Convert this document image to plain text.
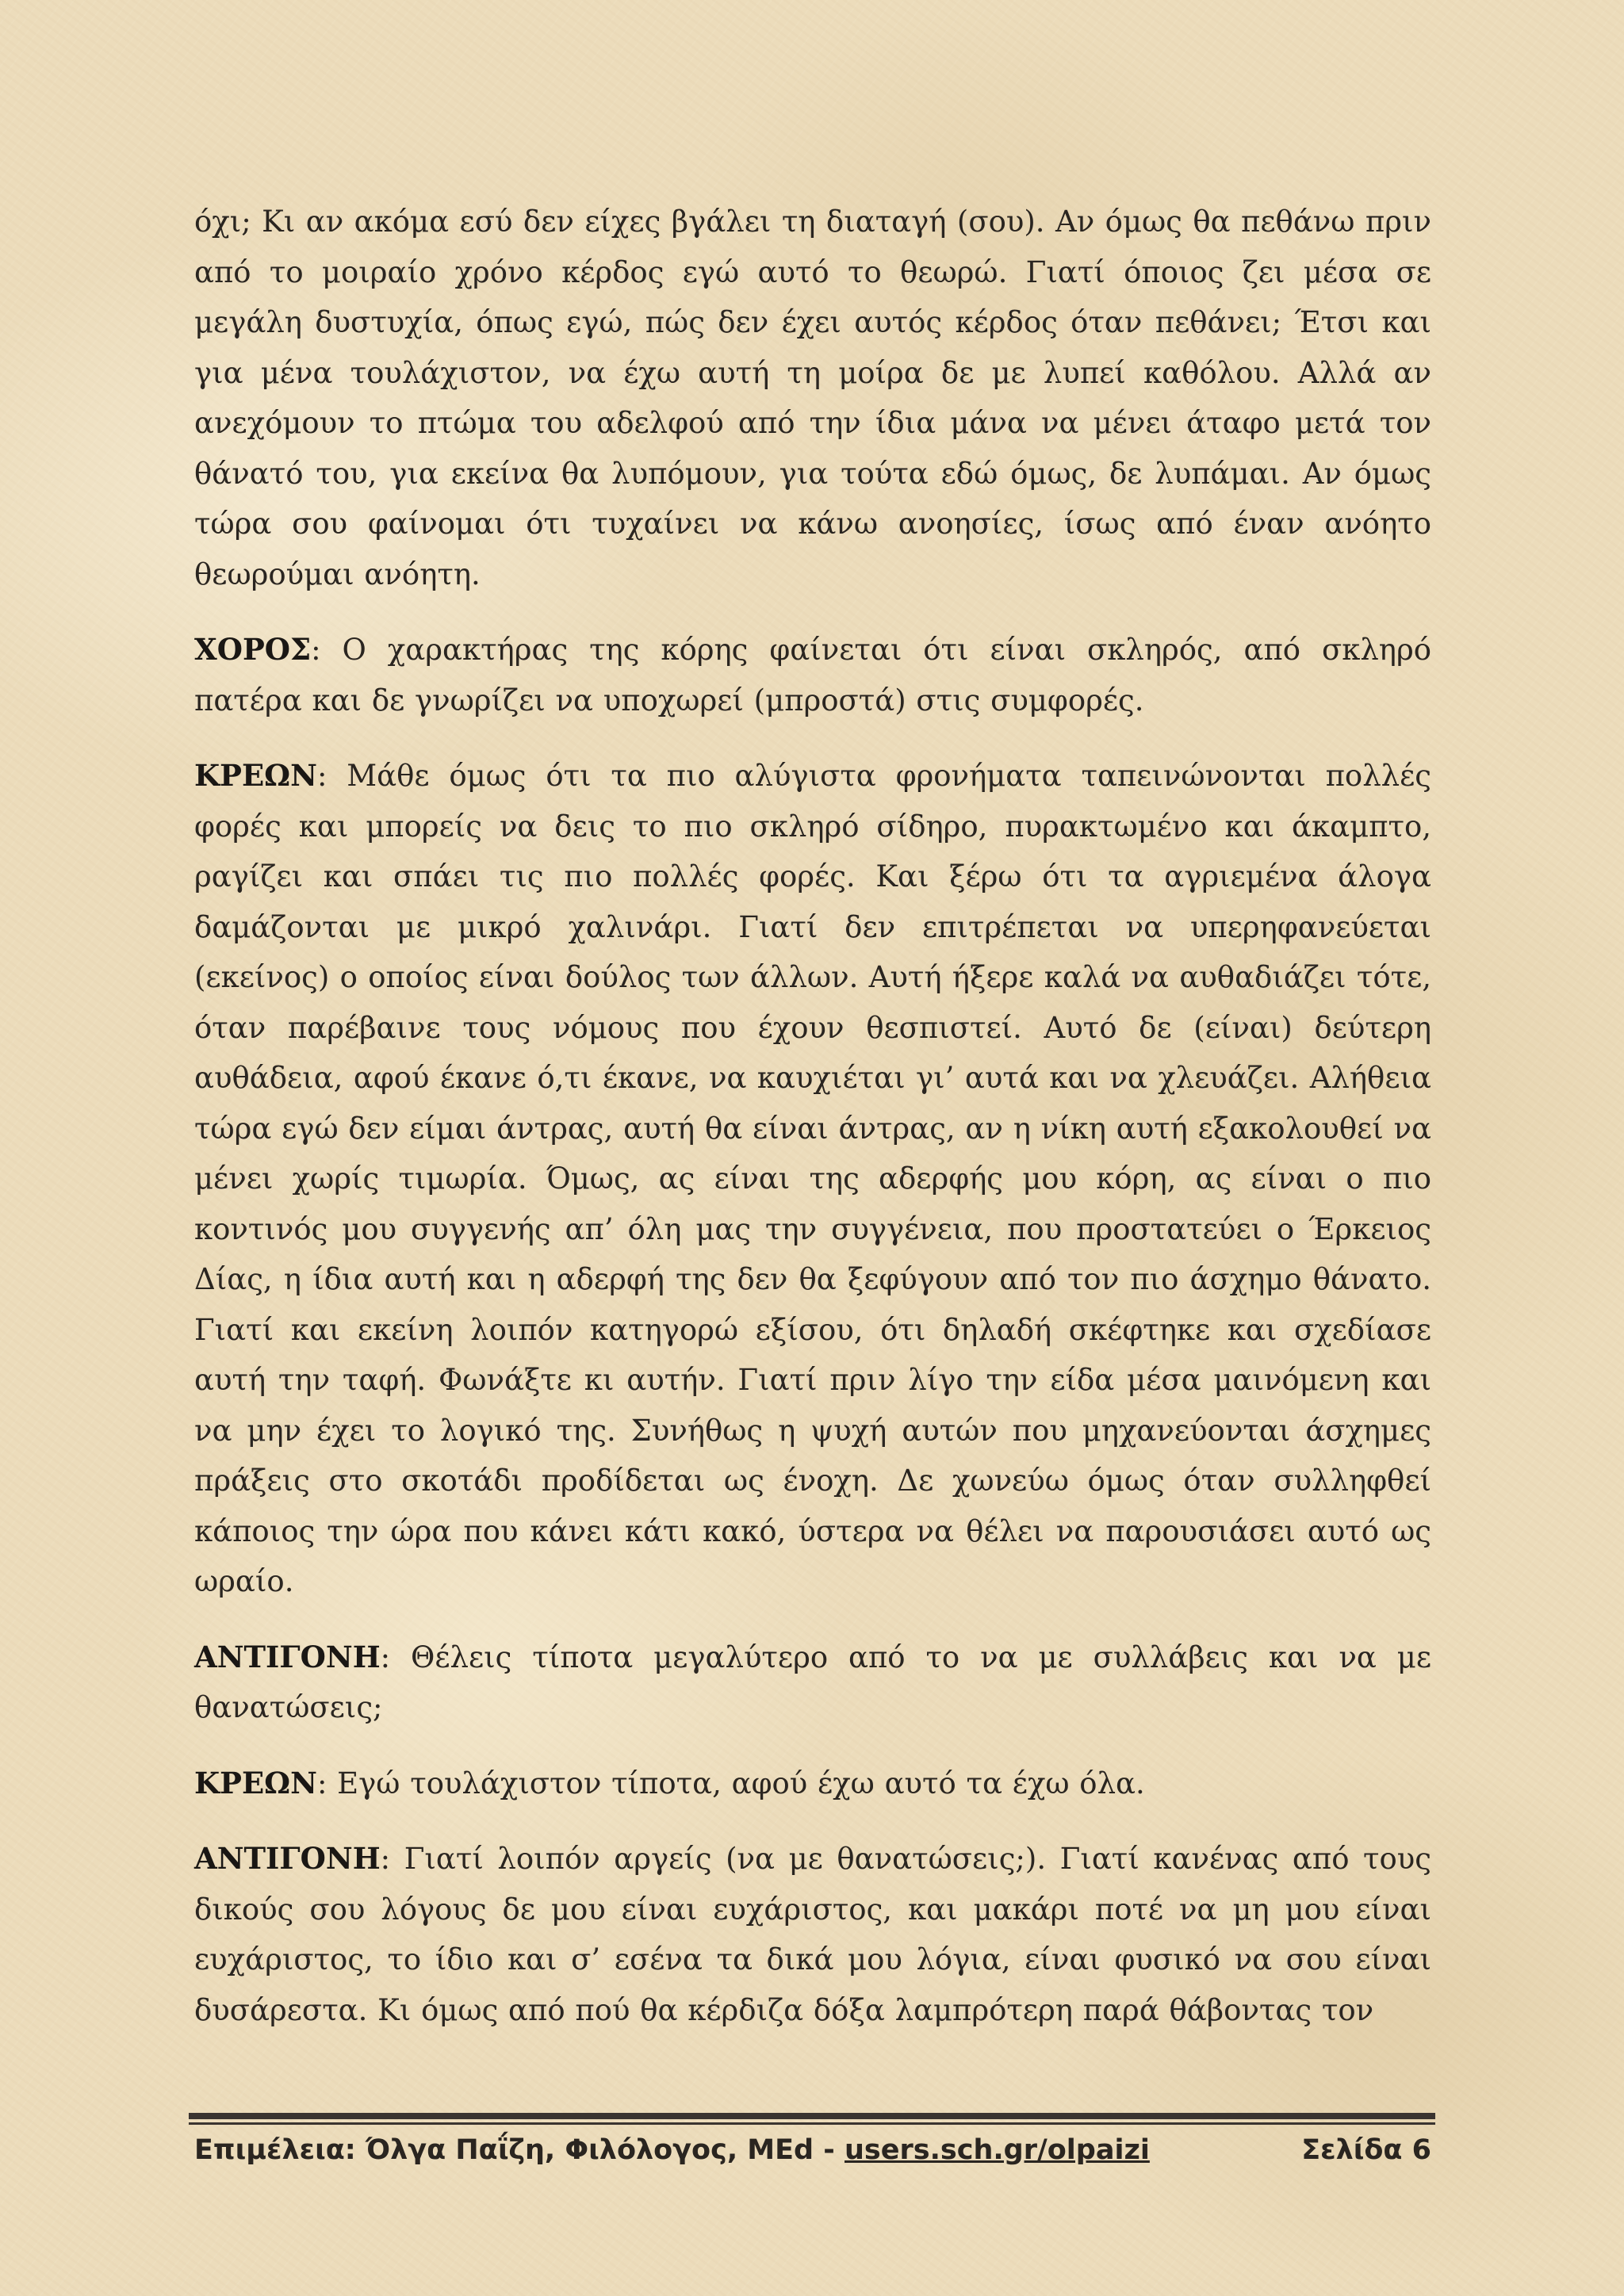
όχι; Κι αν ακόμα εσύ δεν είχες βγάλει τη διαταγή (σου). Αν όμως θα πεθάνω πριν από το μοιραίο χρόνο κέρδος εγώ αυτό το θεωρώ. Γιατί όποιος ζει μέσα σε μεγάλη δυστυχία, όπως εγώ, πώς δεν έχει αυτός κέρδος όταν πεθάνει; Έτσι και για μένα τουλάχιστον, να έχω αυτή τη μοίρα δε με λυπεί καθόλου. Αλλά αν ανεχόμουν το πτώμα του αδελφού από την ίδια μάνα να μένει άταφο μετά τον θάνατό του, για εκείνα θα λυπόμουν, για τούτα εδώ όμως, δε λυπάμαι. Αν όμως τώρα σου φαίνομαι ότι τυχαίνει να κάνω ανοησίες, ίσως από έναν ανόητο θεωρούμαι ανόητη.

ΧΟΡΟΣ: Ο χαρακτήρας της κόρης φαίνεται ότι είναι σκληρός, από σκληρό πατέρα και δε γνωρίζει να υποχωρεί (μπροστά) στις συμφορές.

ΚΡΕΩΝ: Μάθε όμως ότι τα πιο αλύγιστα φρονήματα ταπεινώνονται πολλές φορές και μπορείς να δεις το πιο σκληρό σίδηρο, πυρακτωμένο και άκαμπτο, ραγίζει και σπάει τις πιο πολλές φορές. Και ξέρω ότι τα αγριεμένα άλογα δαμάζονται με μικρό χαλινάρι. Γιατί δεν επιτρέπεται να υπερηφανεύεται (εκείνος) ο οποίος είναι δούλος των άλλων. Αυτή ήξερε καλά να αυθαδιάζει τότε, όταν παρέβαινε τους νόμους που έχουν θεσπιστεί. Αυτό δε (είναι) δεύτερη αυθάδεια, αφού έκανε ό,τι έκανε, να καυχιέται γι’ αυτά και να χλευάζει. Αλήθεια τώρα εγώ δεν είμαι άντρας, αυτή θα είναι άντρας, αν η νίκη αυτή εξακολουθεί να μένει χωρίς τιμωρία. Όμως, ας είναι της αδερφής μου κόρη, ας είναι ο πιο κοντινός μου συγγενής απ’ όλη μας την συγγένεια, που προστατεύει ο Έρκειος Δίας, η ίδια αυτή και η αδερφή της δεν θα ξεφύγουν από τον πιο άσχημο θάνατο. Γιατί και εκείνη λοιπόν κατηγορώ εξίσου, ότι δηλαδή σκέφτηκε και σχεδίασε αυτή την ταφή. Φωνάξτε κι αυτήν. Γιατί πριν λίγο την είδα μέσα μαινόμενη και να μην έχει το λογικό της. Συνήθως η ψυχή αυτών που μηχανεύονται άσχημες πράξεις στο σκοτάδι προδίδεται ως ένοχη. Δε χωνεύω όμως όταν συλληφθεί κάποιος την ώρα που κάνει κάτι κακό, ύστερα να θέλει να παρουσιάσει αυτό ως ωραίο.

ΑΝΤΙΓΟΝΗ: Θέλεις τίποτα μεγαλύτερο από το να με συλλάβεις και να με θανατώσεις;

ΚΡΕΩΝ: Εγώ τουλάχιστον τίποτα, αφού έχω αυτό τα έχω όλα.

ΑΝΤΙΓΟΝΗ: Γιατί λοιπόν αργείς (να με θανατώσεις;). Γιατί κανένας από τους δικούς σου λόγους δε μου είναι ευχάριστος, και μακάρι ποτέ να μη μου είναι ευχάριστος, το ίδιο και σ’ εσένα τα δικά μου λόγια, είναι φυσικό να σου είναι δυσάρεστα. Κι όμως από πού θα κέρδιζα δόξα λαμπρότερη παρά θάβοντας τον

Επιμέλεια: Όλγα Παΐζη, Φιλόλογος, MEd - users.sch.gr/olpaizi	Σελίδα 6
